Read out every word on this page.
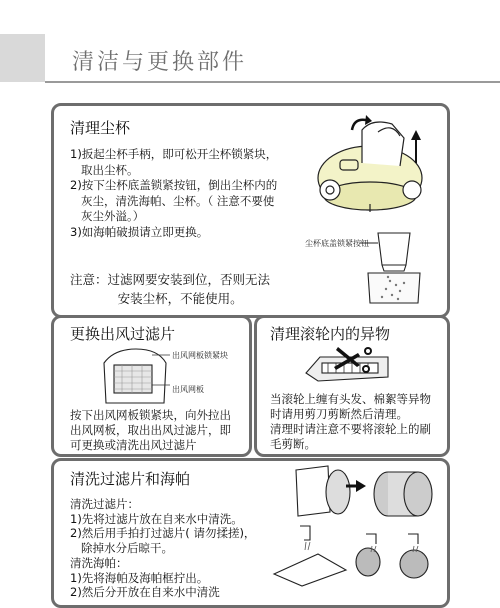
清洁与更换部件
清理尘杯
1)扳起尘杯手柄，即可松开尘杯锁紧块，
取出尘杯。
2)按下尘杯底盖锁紧按钮，倒出尘杯内的
灰尘，清洗海帕、尘杯。（ 注意不要使
灰尘外溢。）
3)如海帕破损请立即更换。
注意：过滤网要安装到位，否则无法
安装尘杯，不能使用。
尘杯底盖锁紧按钮
更换出风过滤片
出风网板锁紧块
出风网板
按下出风网板锁紧块，向外拉出
出风网板，取出出风过滤片，即
可更换或清洗出风过滤片
清理滚轮内的异物
当滚轮上缠有头发、棉絮等异物
时请用剪刀剪断然后清理。
清理时请注意不要将滚轮上的刷
毛剪断。
清洗过滤片和海帕
清洗过滤片：
1)先将过滤片放在自来水中清洗。
2)然后用手拍打过滤片( 请勿揉搓)，
除掉水分后晾干。
清洗海帕：
1)先将海帕及海帕框拧出。
2)然后分开放在自来水中清洗
